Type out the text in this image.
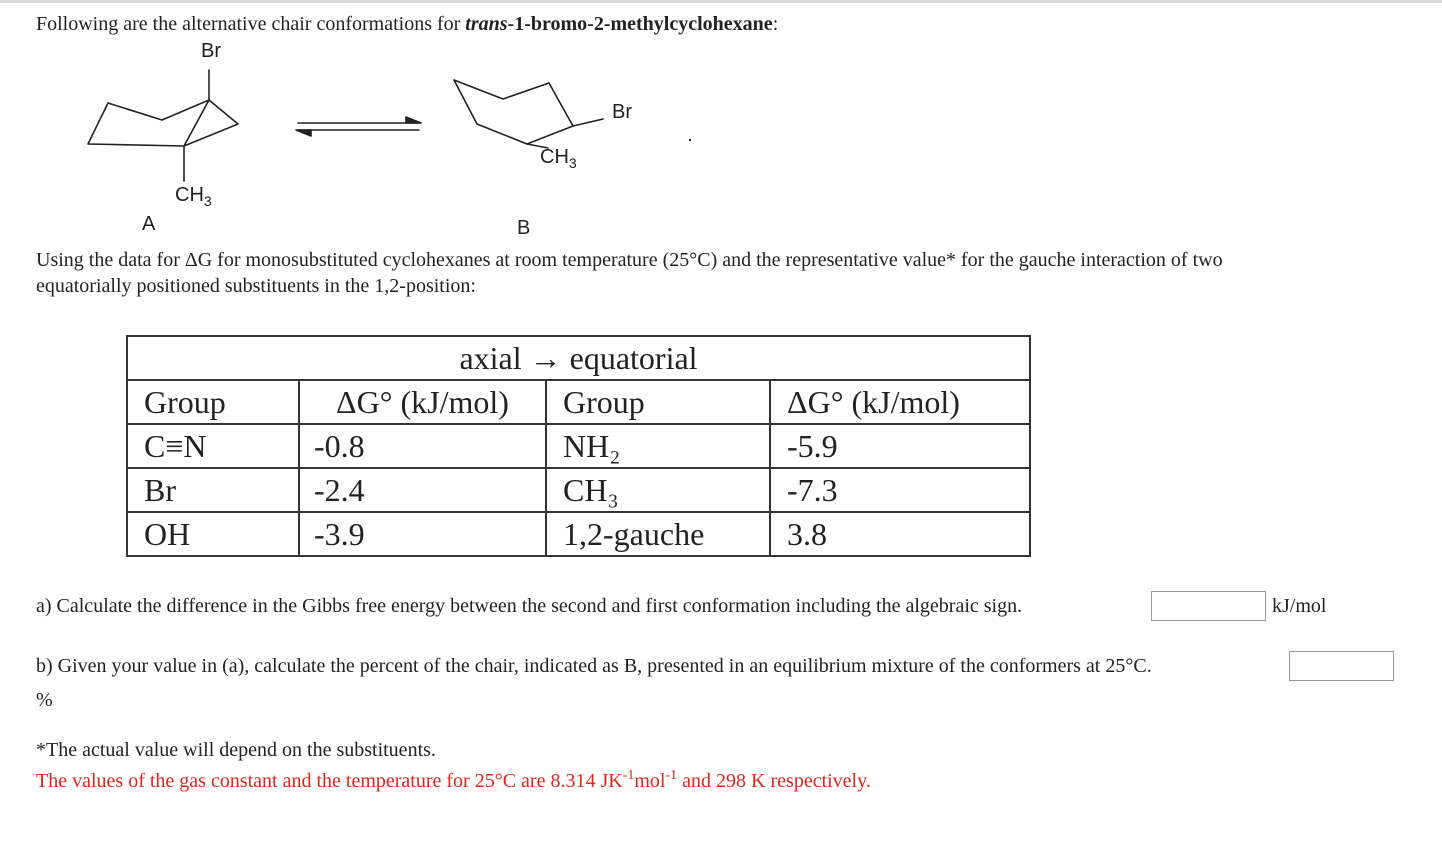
Following are the alternative chair conformations for trans-1-bromo-2-methylcyclohexane:
Br
$CH_3$
A
Br
$CH_3$
B
Using the data for ΔG for monosubstituted cyclohexanes at room temperature (25°C) and the representative value* for the gauche interaction of two
equatorially positioned substituents in the 1,2-position:
axial → equatorial			
Group	ΔG° (kJ/mol)	Group	ΔG° (kJ/mol)
C≡N	-0.8	NH₂	-5.9
Br	-2.4	CH₃	-7.3
OH	-3.9	1,2-gauche	3.8
a) Calculate the difference in the Gibbs free energy between the second and first conformation including the algebraic sign.	kJ/mol
b) Given your value in (a), calculate the percent of the chair, indicated as B, presented in an equilibrium mixture of the conformers at 25°C.
%
*The actual value will depend on the substituents.
The values of the gas constant and the temperature for 25°C are 8.314 $JK^{-1}mol^{-1}$ and 298 K respectively.
